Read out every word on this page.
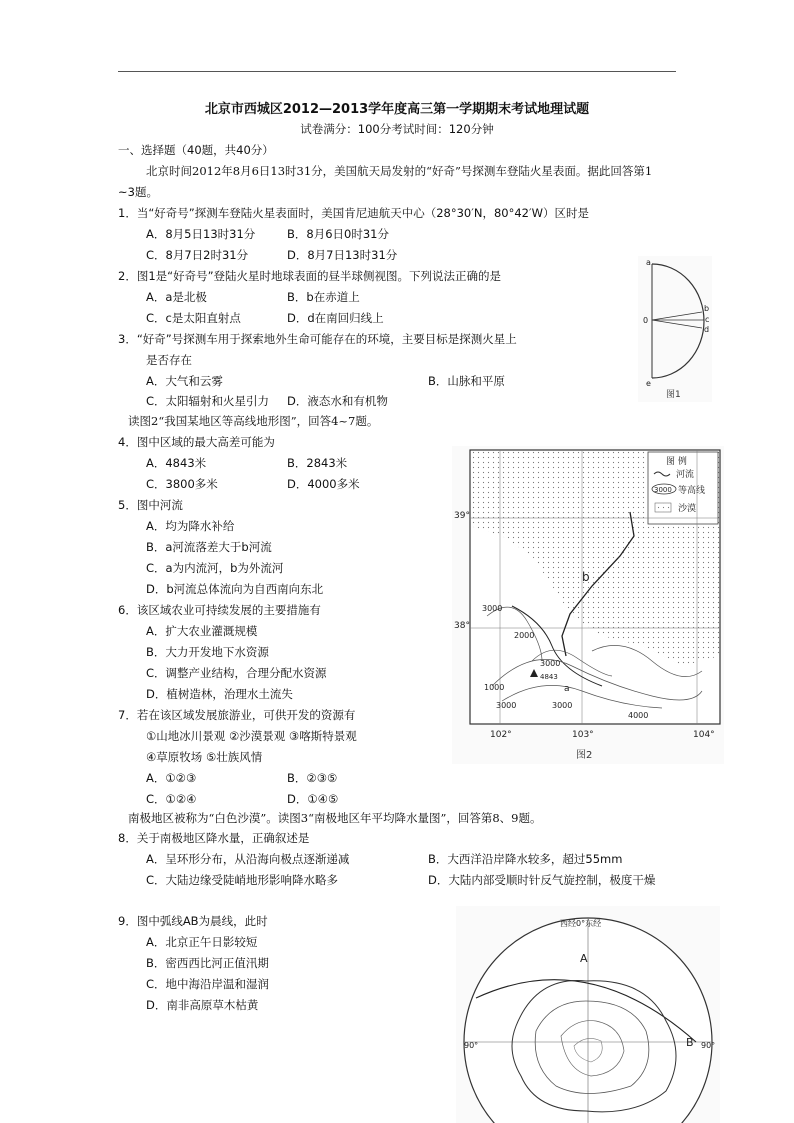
北京市西城区2012—2013学年度高三第一学期期末考试地理试题
试卷满分：100分考试时间：120分钟
一、选择题（40题，共40分）
北京时间2012年8月6日13时31分，美国航天局发射的“好奇”号探测车登陆火星表面。据此回答第1
~3题。
1．当“好奇号”探测车登陆火星表面时，美国肯尼迪航天中心（28°30′N，80°42′W）区时是
A．8月5日13时31分	B．8月6日0时31分
C．8月7日2时31分	D．8月7日13时31分
2．图1是“好奇号”登陆火星时地球表面的昼半球侧视图。下列说法正确的是
A．a是北极	B．b在赤道上
C．c是太阳直射点	D．d在南回归线上
3．“好奇”号探测车用于探索地外生命可能存在的环境，主要目标是探测火星上
是否存在
A．大气和云雾	B．山脉和平原
C．太阳辐射和火星引力 D．液态水和有机物
读图2“我国某地区等高线地形图”，回答4~7题。
4．图中区域的最大高差可能为
A．4843米	B．2843米
C．3800多米	D．4000多米
5．图中河流
A．均为降水补给
B．a河流落差大于b河流
C．a为内流河，b为外流河
D．b河流总体流向为自西南向东北
6．该区域农业可持续发展的主要措施有
A．扩大农业灌溉规模
B．大力开发地下水资源
C．调整产业结构，合理分配水资源
D．植树造林，治理水土流失
7．若在该区域发展旅游业，可供开发的资源有
①山地冰川景观 ②沙漠景观 ③喀斯特景观
④草原牧场 ⑤壮族风情
A．①②③	B．②③⑤
C．①②④	D．①④⑤
南极地区被称为“白色沙漠”。读图3“南极地区年平均降水量图”，回答第8、9题。
8．关于南极地区降水量，正确叙述是
A．呈环形分布，从沿海向极点逐渐递减	B．大西洋沿岸降水较多，超过55mm
C．大陆边缘受陡峭地形影响降水略多	D．大陆内部受顺时针反气旋控制，极度干燥
9．图中弧线AB为晨线，此时
A．北京正午日影较短
B．密西西比河正值汛期
C．地中海沿岸温和湿润
D．南非高原草木枯黄
a
b
c
d
0
e
图1
图 例
河流
3000 等高线
沙漠
39°
38°
102°	103°	104°
b
a
3000
2000
3000
1000
4000
3000
3000
4843
图2
西经0°东经
A
B
90°	90°
